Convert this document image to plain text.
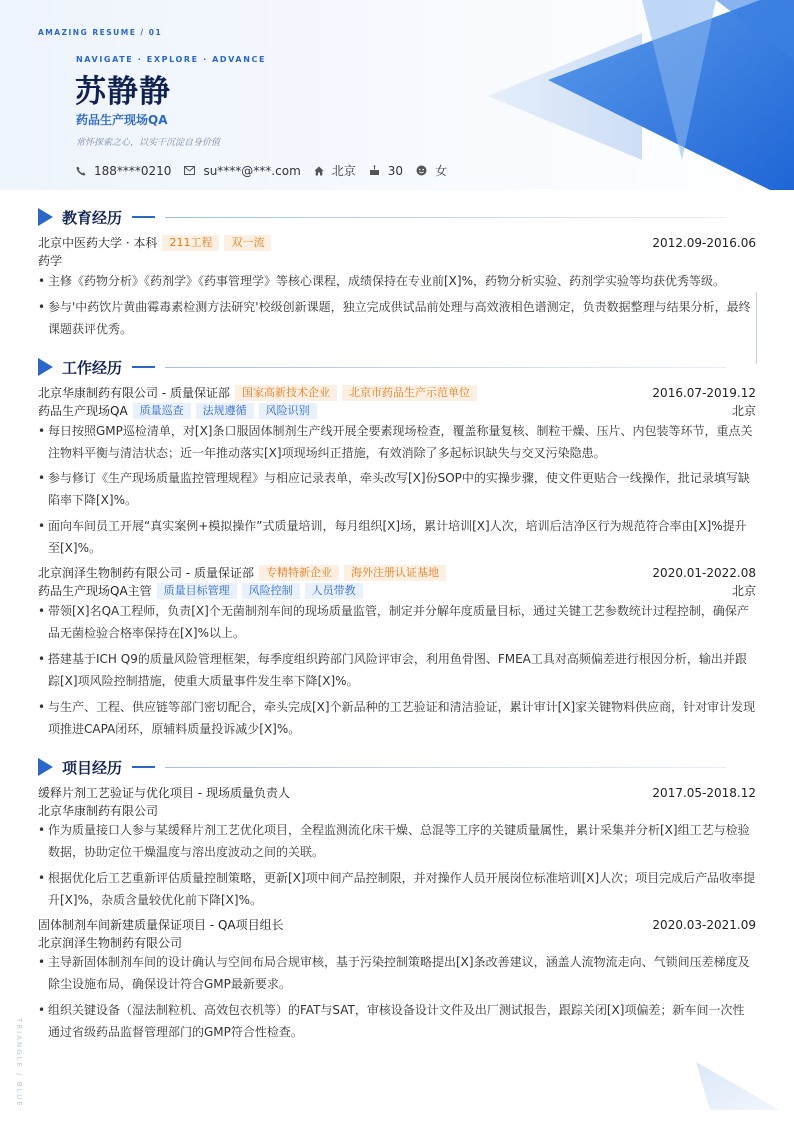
AMAZING RESUME / 01
NAVIGATE · EXPLORE · ADVANCE
苏静静
药品生产现场QA
常怀探索之心，以实干沉淀自身价值
188****0210	su****@***.com	北京	30	女
教育经历
北京中医药大学 · 本科	211工程	双一流	2012.09-2016.06
药学
• 主修《药物分析》《药剂学》《药事管理学》等核心课程，成绩保持在专业前[X]%，药物分析实验、药剂学实验等均获优秀等级。
• 参与'中药饮片黄曲霉毒素检测方法研究'校级创新课题，独立完成供试品前处理与高效液相色谱测定，负责数据整理与结果分析，最终课题获评优秀。
工作经历
北京华康制药有限公司 - 质量保证部	国家高新技术企业	北京市药品生产示范单位	2016.07-2019.12
药品生产现场QA	质量巡查	法规遵循	风险识别	北京
• 每日按照GMP巡检清单，对[X]条口服固体制剂生产线开展全要素现场检查，覆盖称量复核、制粒干燥、压片、内包装等环节，重点关注物料平衡与清洁状态；近一年推动落实[X]项现场纠正措施，有效消除了多起标识缺失与交叉污染隐患。
• 参与修订《生产现场质量监控管理规程》与相应记录表单，牵头改写[X]份SOP中的实操步骤，使文件更贴合一线操作，批记录填写缺陷率下降[X]%。
• 面向车间员工开展“真实案例+模拟操作”式质量培训，每月组织[X]场，累计培训[X]人次，培训后洁净区行为规范符合率由[X]%提升至[X]%。
北京润泽生物制药有限公司 - 质量保证部	专精特新企业	海外注册认证基地	2020.01-2022.08
药品生产现场QA主管	质量目标管理	风险控制	人员带教	北京
• 带领[X]名QA工程师，负责[X]个无菌制剂车间的现场质量监管，制定并分解年度质量目标，通过关键工艺参数统计过程控制，确保产品无菌检验合格率保持在[X]%以上。
• 搭建基于ICH Q9的质量风险管理框架，每季度组织跨部门风险评审会，利用鱼骨图、FMEA工具对高频偏差进行根因分析，输出并跟踪[X]项风险控制措施，使重大质量事件发生率下降[X]%。
• 与生产、工程、供应链等部门密切配合，牵头完成[X]个新品种的工艺验证和清洁验证，累计审计[X]家关键物料供应商，针对审计发现项推进CAPA闭环，原辅料质量投诉减少[X]%。
项目经历
缓释片剂工艺验证与优化项目 - 现场质量负责人	2017.05-2018.12
北京华康制药有限公司
• 作为质量接口人参与某缓释片剂工艺优化项目，全程监测流化床干燥、总混等工序的关键质量属性，累计采集并分析[X]组工艺与检验数据，协助定位干燥温度与溶出度波动之间的关联。
• 根据优化后工艺重新评估质量控制策略，更新[X]项中间产品控制限，并对操作人员开展岗位标准培训[X]人次；项目完成后产品收率提升[X]%，杂质含量较优化前下降[X]%。
固体制剂车间新建质量保证项目 - QA项目组长	2020.03-2021.09
北京润泽生物制药有限公司
• 主导新固体制剂车间的设计确认与空间布局合规审核，基于污染控制策略提出[X]条改善建议，涵盖人流物流走向、气锁间压差梯度及除尘设施布局，确保设计符合GMP最新要求。
• 组织关键设备（湿法制粒机、高效包衣机等）的FAT与SAT，审核设备设计文件及出厂测试报告，跟踪关闭[X]项偏差；新车间一次性通过省级药品监督管理部门的GMP符合性检查。
TRIANGLE / BLUE
